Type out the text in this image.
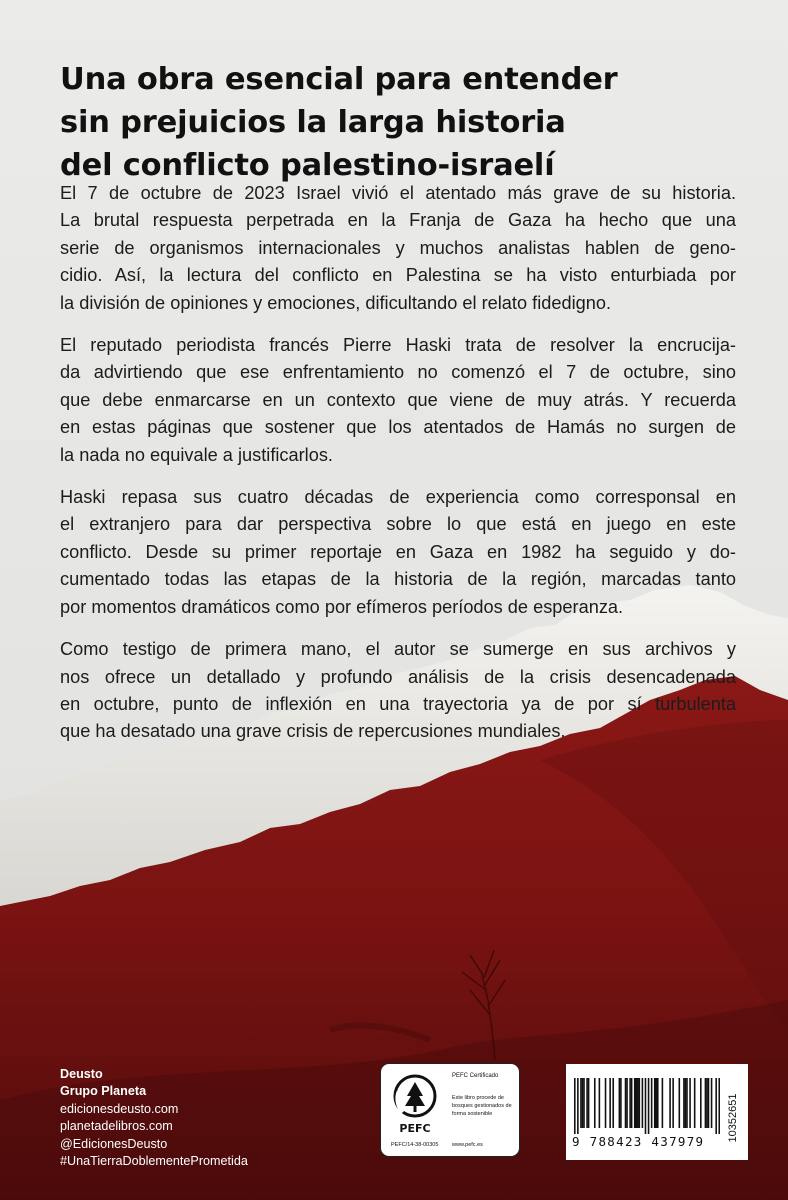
Una obra esencial para entender
sin prejuicios la larga historia
del conflicto palestino-israelí

El 7 de octubre de 2023 Israel vivió el atentado más grave de su historia.
La brutal respuesta perpetrada en la Franja de Gaza ha hecho que una
serie de organismos internacionales y muchos analistas hablen de geno-
cidio. Así, la lectura del conflicto en Palestina se ha visto enturbiada por
la división de opiniones y emociones, dificultando el relato fidedigno.

El reputado periodista francés Pierre Haski trata de resolver la encrucija-
da advirtiendo que ese enfrentamiento no comenzó el 7 de octubre, sino
que debe enmarcarse en un contexto que viene de muy atrás. Y recuerda
en estas páginas que sostener que los atentados de Hamás no surgen de
la nada no equivale a justificarlos.

Haski repasa sus cuatro décadas de experiencia como corresponsal en
el extranjero para dar perspectiva sobre lo que está en juego en este
conflicto. Desde su primer reportaje en Gaza en 1982 ha seguido y do-
cumentado todas las etapas de la historia de la región, marcadas tanto
por momentos dramáticos como por efímeros períodos de esperanza.

Como testigo de primera mano, el autor se sumerge en sus archivos y
nos ofrece un detallado y profundo análisis de la crisis desencadenada
en octubre, punto de inflexión en una trayectoria ya de por sí turbulenta
que ha desatado una grave crisis de repercusiones mundiales.

Deusto
Grupo Planeta
edicionesdeusto.com
planetadelibros.com
@EdicionesDeusto
#UnaTierraDoblementePrometida
PEFC
PEFC/14-38-00305
PEFC Certificado
Este libro procede de bosques gestionados de forma sostenible
www.pefc.es	9 788423 437979 10352651
